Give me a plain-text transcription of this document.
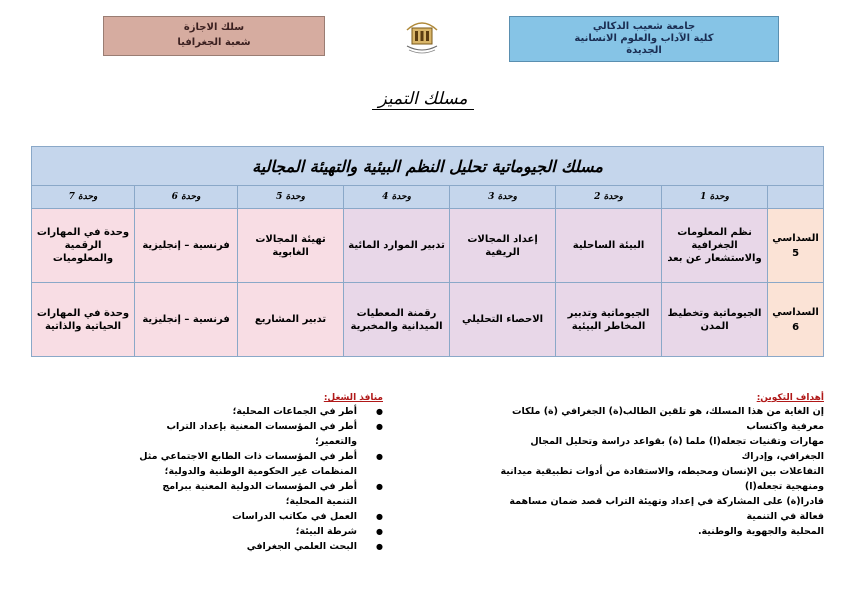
سلك الاجازة
شعبة الجغرافيا
جامعة شعيب الدكالي
كلية الآداب والعلوم الانسانية
الجديدة
مسلك التميز
مسلك الجيوماتية تحليل النظم البيئية والتهيئة المجالية							
	وحدة 1	وحدة 2	وحدة 3	وحدة 4	وحدة 5	وحدة 6	وحدة 7

السداسي
5	نظم المعلومات الجغرافية والاستشعار عن بعد	البيئة الساحلية	إعداد المجالات الريفية	تدبير الموارد المائية	تهيئة المجالات الغابوية	فرنسية – إنجليزية	وحدة في المهارات الرقمية والمعلوميات

السداسي
6	الجيوماتية وتخطيط المدن	الجيوماتية وتدبير المخاطر البيئية	الاحصاء التحليلي	رقمنة المعطيات الميدانية والمخبرية	تدبير المشاريع	فرنسية – إنجليزية	وحدة في المهارات الحياتية والذاتية
أهداف التكوين:
إن الغاية من هذا المسلك، هو تلقين الطالب(ة) الجغرافي (ة) ملكات معرفية واكتساب
مهارات وتقنيات تجعله(ا) ملما (ة) بقواعد دراسة وتحليل المجال الجغرافي، وإدراك
التفاعلات بين الإنسان ومحيطه، والاستفادة من أدوات تطبيقية ميدانية ومنهجية تجعله(ا)
قادرا(ة) على المشاركة في إعداد وتهيئة التراب قصد ضمان مساهمة فعالة في التنمية
المحلية والجهوية والوطنية.
منافذ الشغل:
●
أطر في الجماعات المحلية؛
●
أطر في المؤسسات المعنية بإعداد التراب والتعمير؛
●
أطر في المؤسسات ذات الطابع الاجتماعي مثل المنظمات غير الحكومية الوطنية والدولية؛
●
أطر في المؤسسات الدولية المعنية ببرامج التنمية المحلية؛
●
العمل في مكاتب الدراسات
●
شرطة البيئة؛
●
البحث العلمي الجغرافي
